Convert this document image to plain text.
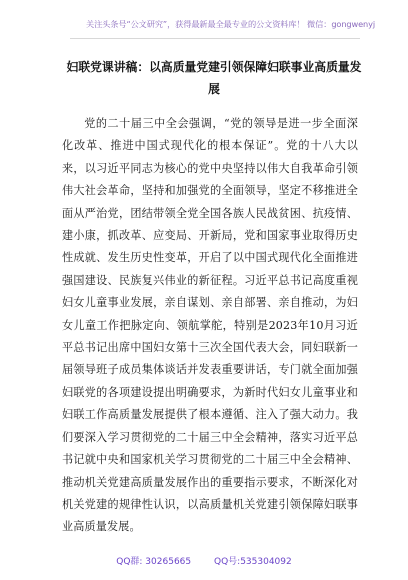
关注头条号“公文研究”，获得最新最全最专业的公文资料库！ 微信：gongwenyj
妇联党课讲稿：以高质量党建引领保障妇联事业高质量发展
党的二十届三中全会强调，“党的领导是进一步全面深化改革、推进中国式现代化的根本保证”。党的十八大以来，以习近平同志为核心的党中央坚持以伟大自我革命引领伟大社会革命，坚持和加强党的全面领导，坚定不移推进全面从严治党，团结带领全党全国各族人民战贫困、抗疫情、建小康，抓改革、应变局、开新局，党和国家事业取得历史性成就、发生历史性变革，开启了以中国式现代化全面推进强国建设、民族复兴伟业的新征程。习近平总书记高度重视妇女儿童事业发展，亲自谋划、亲自部署、亲自推动，为妇女儿童工作把脉定向、领航掌舵，特别是2023年10月习近平总书记出席中国妇女第十三次全国代表大会，同妇联新一届领导班子成员集体谈话并发表重要讲话，专门就全面加强妇联党的各项建设提出明确要求，为新时代妇女儿童事业和妇联工作高质量发展提供了根本遵循、注入了强大动力。我们要深入学习贯彻党的二十届三中全会精神，落实习近平总书记就中央和国家机关学习贯彻党的二十届三中全会精神、推动机关党建高质量发展作出的重要指示要求，不断深化对机关党建的规律性认识，以高质量机关党建引领保障妇联事业高质量发展。
QQ群: 30265665	QQ号:535304092
